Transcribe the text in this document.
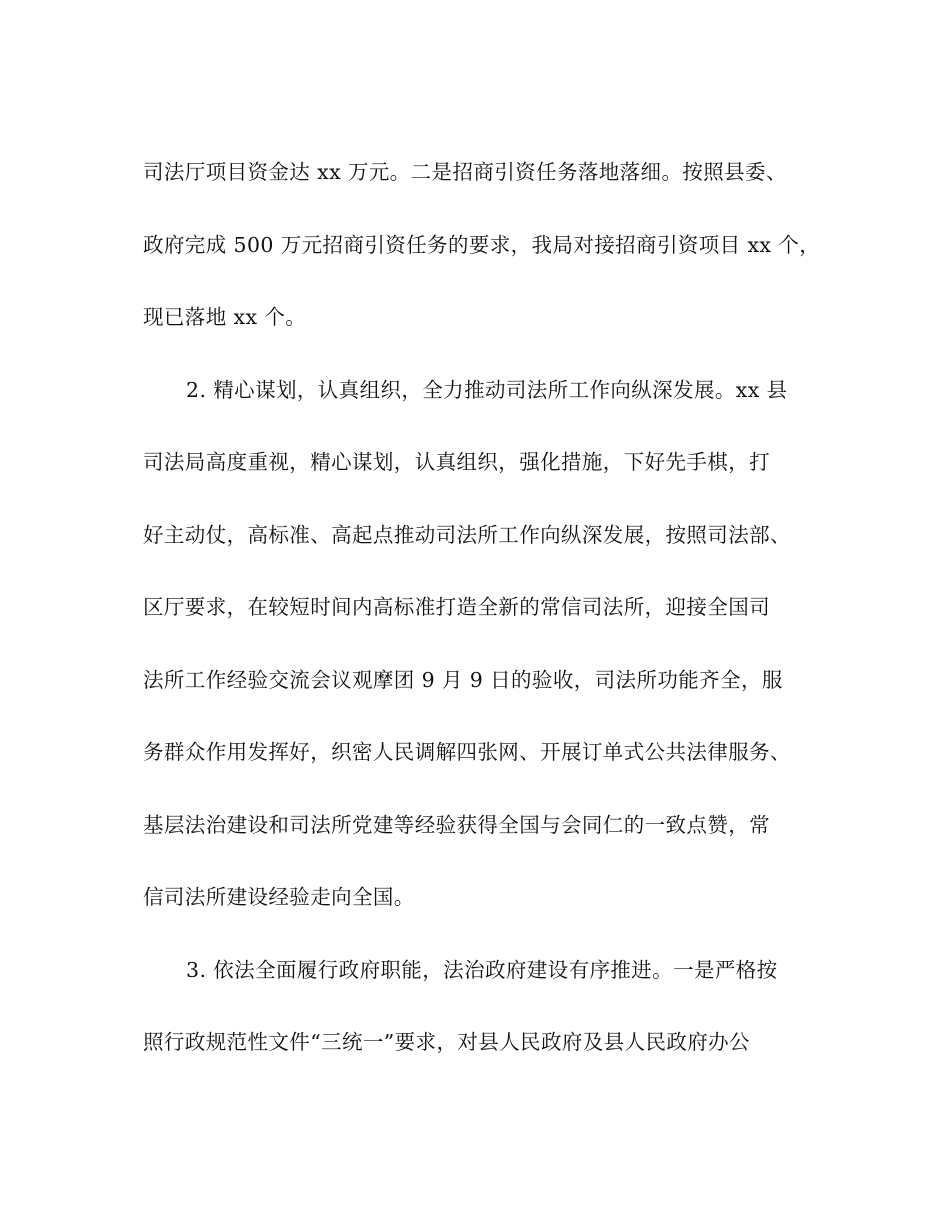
司法厅项目资金达 xx 万元。二是招商引资任务落地落细。按照县委、
政府完成 500 万元招商引资任务的要求，我局对接招商引资项目 xx 个，
现已落地 xx 个。
2. 精心谋划，认真组织，全力推动司法所工作向纵深发展。xx 县
司法局高度重视，精心谋划，认真组织，强化措施，下好先手棋，打
好主动仗，高标准、高起点推动司法所工作向纵深发展，按照司法部、
区厅要求，在较短时间内高标准打造全新的常信司法所，迎接全国司
法所工作经验交流会议观摩团 9 月 9 日的验收，司法所功能齐全，服
务群众作用发挥好，织密人民调解四张网、开展订单式公共法律服务、
基层法治建设和司法所党建等经验获得全国与会同仁的一致点赞，常
信司法所建设经验走向全国。
3. 依法全面履行政府职能，法治政府建设有序推进。一是严格按
照行政规范性文件“三统一”要求，对县人民政府及县人民政府办公
